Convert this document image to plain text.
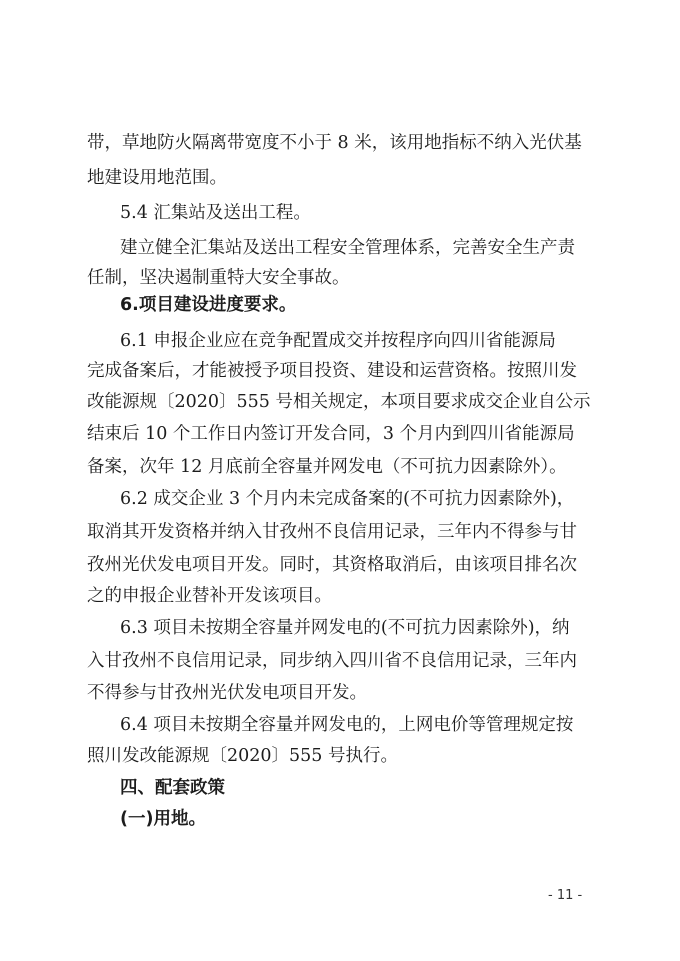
带，草地防火隔离带宽度不小于 8 米，该用地指标不纳入光伏基
地建设用地范围。
5.4 汇集站及送出工程。
建立健全汇集站及送出工程安全管理体系，完善安全生产责
任制，坚决遏制重特大安全事故。
6.项目建设进度要求。
6.1 申报企业应在竞争配置成交并按程序向四川省能源局
完成备案后，才能被授予项目投资、建设和运营资格。按照川发
改能源规〔2020〕555 号相关规定，本项目要求成交企业自公示
结束后 10 个工作日内签订开发合同，3 个月内到四川省能源局
备案，次年 12 月底前全容量并网发电（不可抗力因素除外）。
6.2 成交企业 3 个月内未完成备案的(不可抗力因素除外)，
取消其开发资格并纳入甘孜州不良信用记录，三年内不得参与甘
孜州光伏发电项目开发。同时，其资格取消后，由该项目排名次
之的申报企业替补开发该项目。
6.3 项目未按期全容量并网发电的(不可抗力因素除外)，纳
入甘孜州不良信用记录，同步纳入四川省不良信用记录，三年内
不得参与甘孜州光伏发电项目开发。
6.4 项目未按期全容量并网发电的，上网电价等管理规定按
照川发改能源规〔2020〕555 号执行。
四、配套政策
(一)用地。
- 11 -
